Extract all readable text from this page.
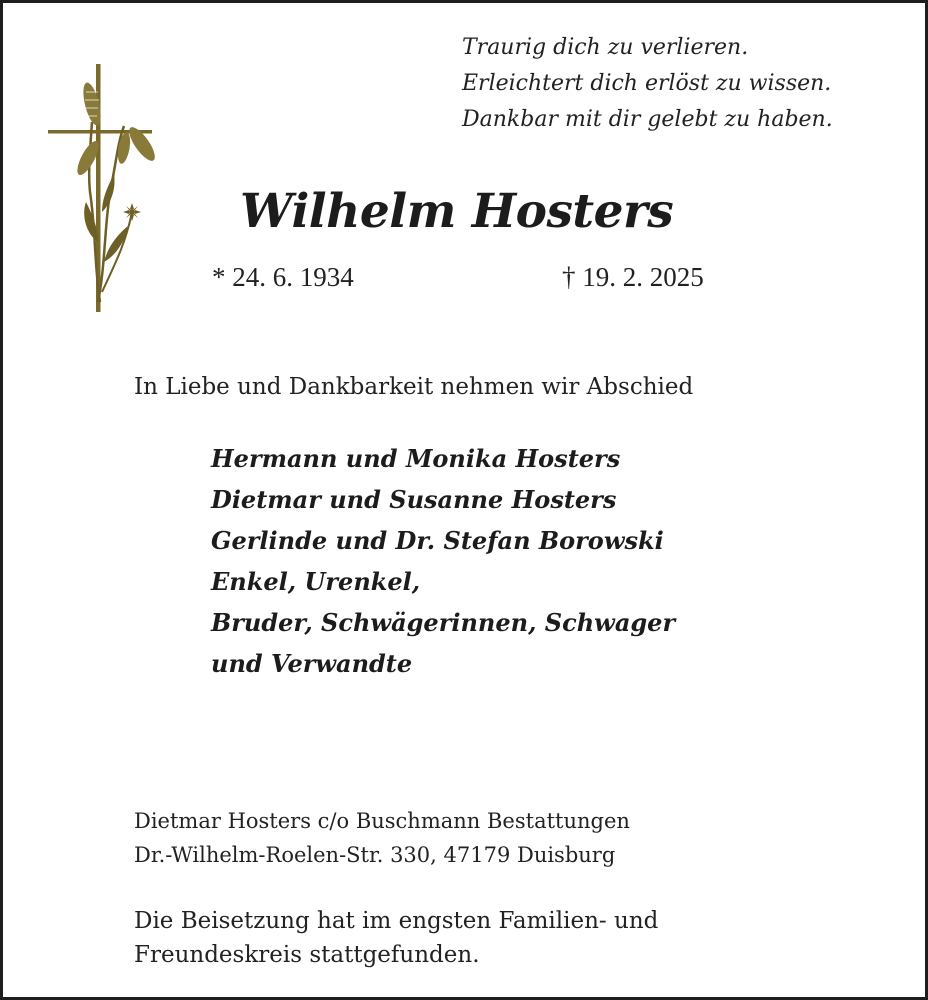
Traurig dich zu verlieren.
Erleichtert dich erlöst zu wissen.
Dankbar mit dir gelebt zu haben.
Wilhelm Hosters
* 24. 6. 1934	† 19. 2. 2025
In Liebe und Dankbarkeit nehmen wir Abschied
Hermann und Monika Hosters
Dietmar und Susanne Hosters
Gerlinde und Dr. Stefan Borowski
Enkel, Urenkel,
Bruder, Schwägerinnen, Schwager
und Verwandte
Dietmar Hosters c/o Buschmann Bestattungen
Dr.-Wilhelm-Roelen-Str. 330, 47179 Duisburg
Die Beisetzung hat im engsten Familien- und
Freundeskreis stattgefunden.
